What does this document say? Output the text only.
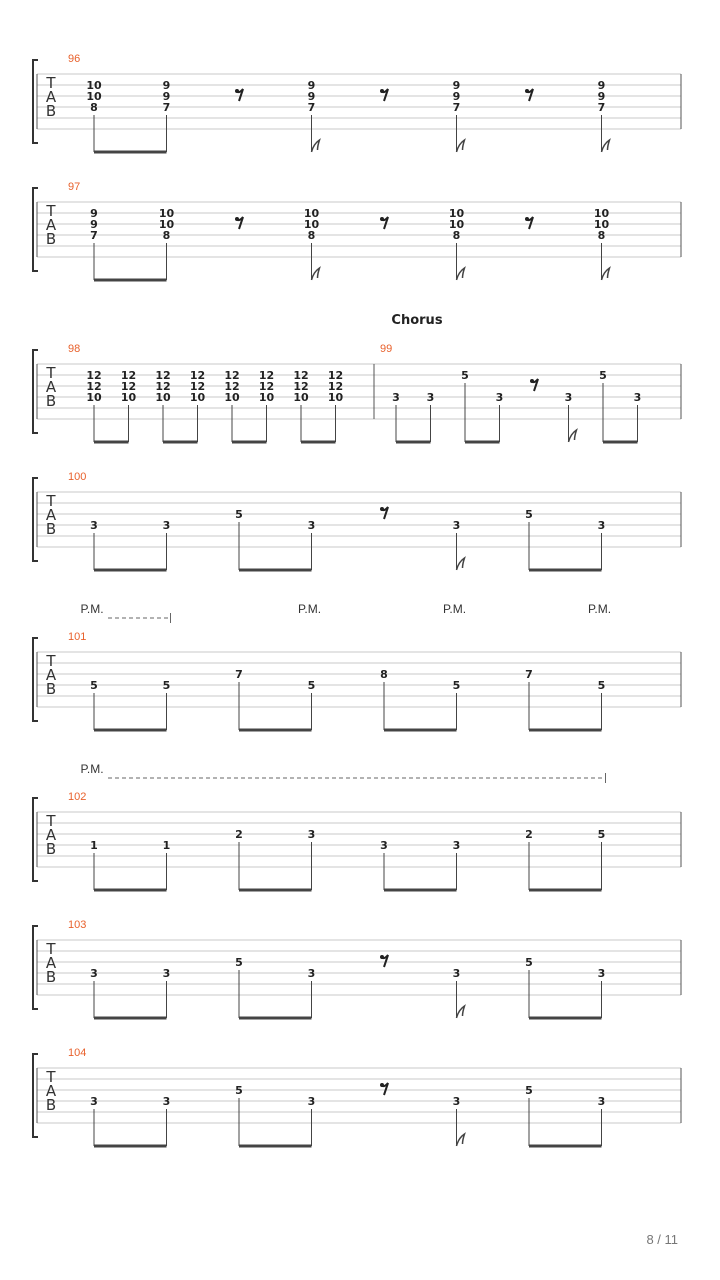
T
A
B
96
10
10
8
9
9
7
9
9
7
9
9
7
9
9
7
T
A
B
97
9
9
7
10
10
8
10
10
8
10
10
8
10
10
8
T
A
B
98
12
12
10
12
12
10
12
12
10
12
12
10
12
12
10
12
12
10
12
12
10
12
12
10
99
3 3
5
3	3
5
3
T
A
B
100
3	3
5
3	3
5
3
T
A
B
101
5	5
7
5
8
5
7
5
P.M.	P.M.	P.M.	P.M.
T
A
B
102
1	1
2	3
3	3
2	5
P.M.
T
A
B
103
3	3
5
3	3
5
3
T
A
B
104
3	3
5
3	3
5
3
Chorus
8 / 11
